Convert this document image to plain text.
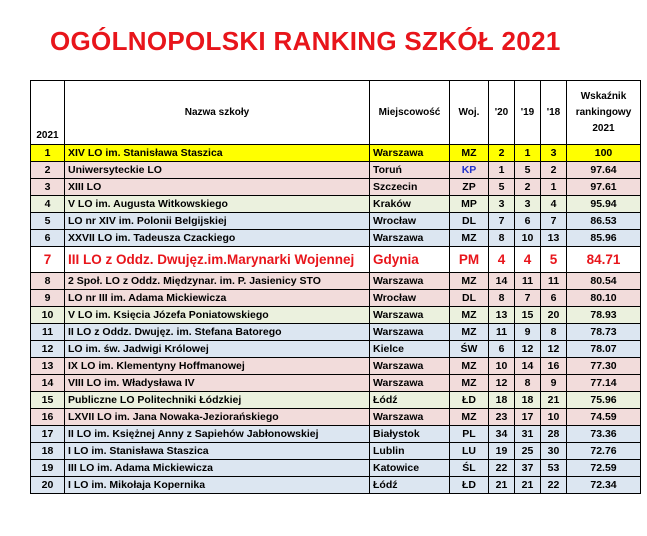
OGÓLNOPOLSKI RANKING SZKÓŁ 2021
2021	Nazwa szkoły	Miejscowość	Woj.	'20	'19	'18	Wskaźnik rankingowy 2021
1	XIV LO im. Stanisława Staszica	Warszawa	MZ	2	1	3	100
2	Uniwersyteckie LO	Toruń	KP	1	5	2	97.64
3	XIII LO	Szczecin	ZP	5	2	1	97.61
4	V LO im. Augusta Witkowskiego	Kraków	MP	3	3	4	95.94
5	LO nr XIV im. Polonii Belgijskiej	Wrocław	DL	7	6	7	86.53
6	XXVII LO im. Tadeusza Czackiego	Warszawa	MZ	8	10	13	85.96
7	III LO z Oddz. Dwujęz.im.Marynarki Wojennej	Gdynia	PM	4	4	5	84.71
8	2 Społ. LO z Oddz. Międzynar. im. P. Jasienicy STO	Warszawa	MZ	14	11	11	80.54
9	LO nr III im. Adama Mickiewicza	Wrocław	DL	8	7	6	80.10
10	V LO im. Księcia Józefa Poniatowskiego	Warszawa	MZ	13	15	20	78.93
11	II LO z Oddz. Dwujęz. im. Stefana Batorego	Warszawa	MZ	11	9	8	78.73
12	LO im. św. Jadwigi Królowej	Kielce	ŚW	6	12	12	78.07
13	IX LO im. Klementyny Hoffmanowej	Warszawa	MZ	10	14	16	77.30
14	VIII LO im. Władysława IV	Warszawa	MZ	12	8	9	77.14
15	Publiczne LO Politechniki Łódzkiej	Łódź	ŁD	18	18	21	75.96
16	LXVII LO im. Jana Nowaka-Jeziorańskiego	Warszawa	MZ	23	17	10	74.59
17	II LO im. Księżnej Anny z Sapiehów Jabłonowskiej	Białystok	PL	34	31	28	73.36
18	I LO im. Stanisława Staszica	Lublin	LU	19	25	30	72.76
19	III LO im. Adama Mickiewicza	Katowice	ŚL	22	37	53	72.59
20	I LO im. Mikołaja Kopernika	Łódź	ŁD	21	21	22	72.34
